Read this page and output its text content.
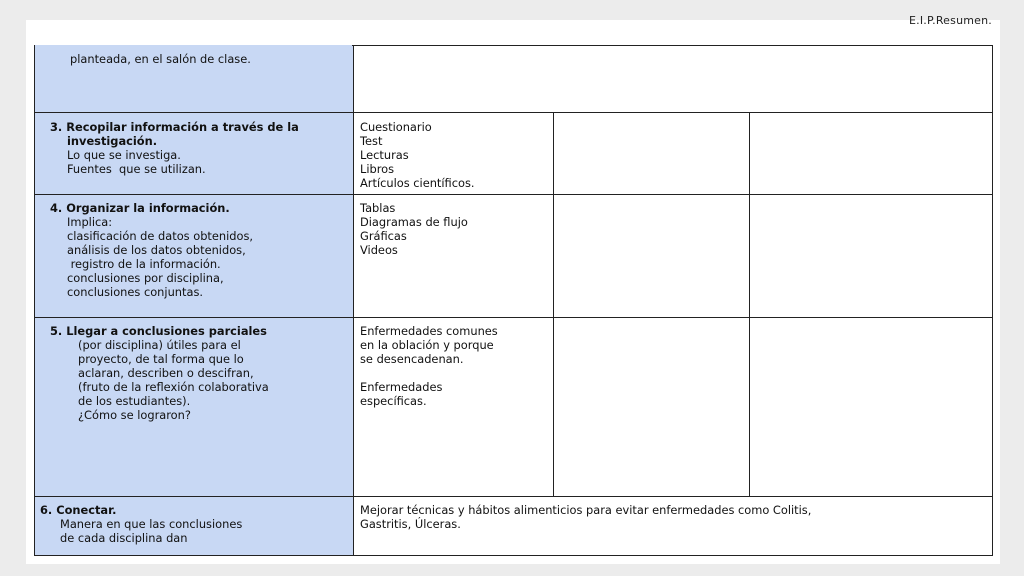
E.I.P.Resumen.
planteada, en el salón de clase.
3. Recopilar información a través de la
investigación.
Lo que se investiga.
Fuentes  que se utilizan.
Cuestionario
Test
Lecturas
Libros
Artículos científicos.
4. Organizar la información.
Implica:
clasificación de datos obtenidos,
análisis de los datos obtenidos,
registro de la información.
conclusiones por disciplina,
conclusiones conjuntas.
Tablas
Diagramas de flujo
Gráficas
Videos
5. Llegar a conclusiones parciales
(por disciplina) útiles para el
proyecto, de tal forma que lo
aclaran, describen o descifran,
(fruto de la reflexión colaborativa
de los estudiantes).
¿Cómo se lograron?
Enfermedades comunes
en la oblación y porque
se desencadenan.
Enfermedades
específicas.
6. Conectar.
Manera en que las conclusiones
de cada disciplina dan
Mejorar técnicas y hábitos alimenticios para evitar enfermedades como Colitis,
Gastritis, Úlceras.
